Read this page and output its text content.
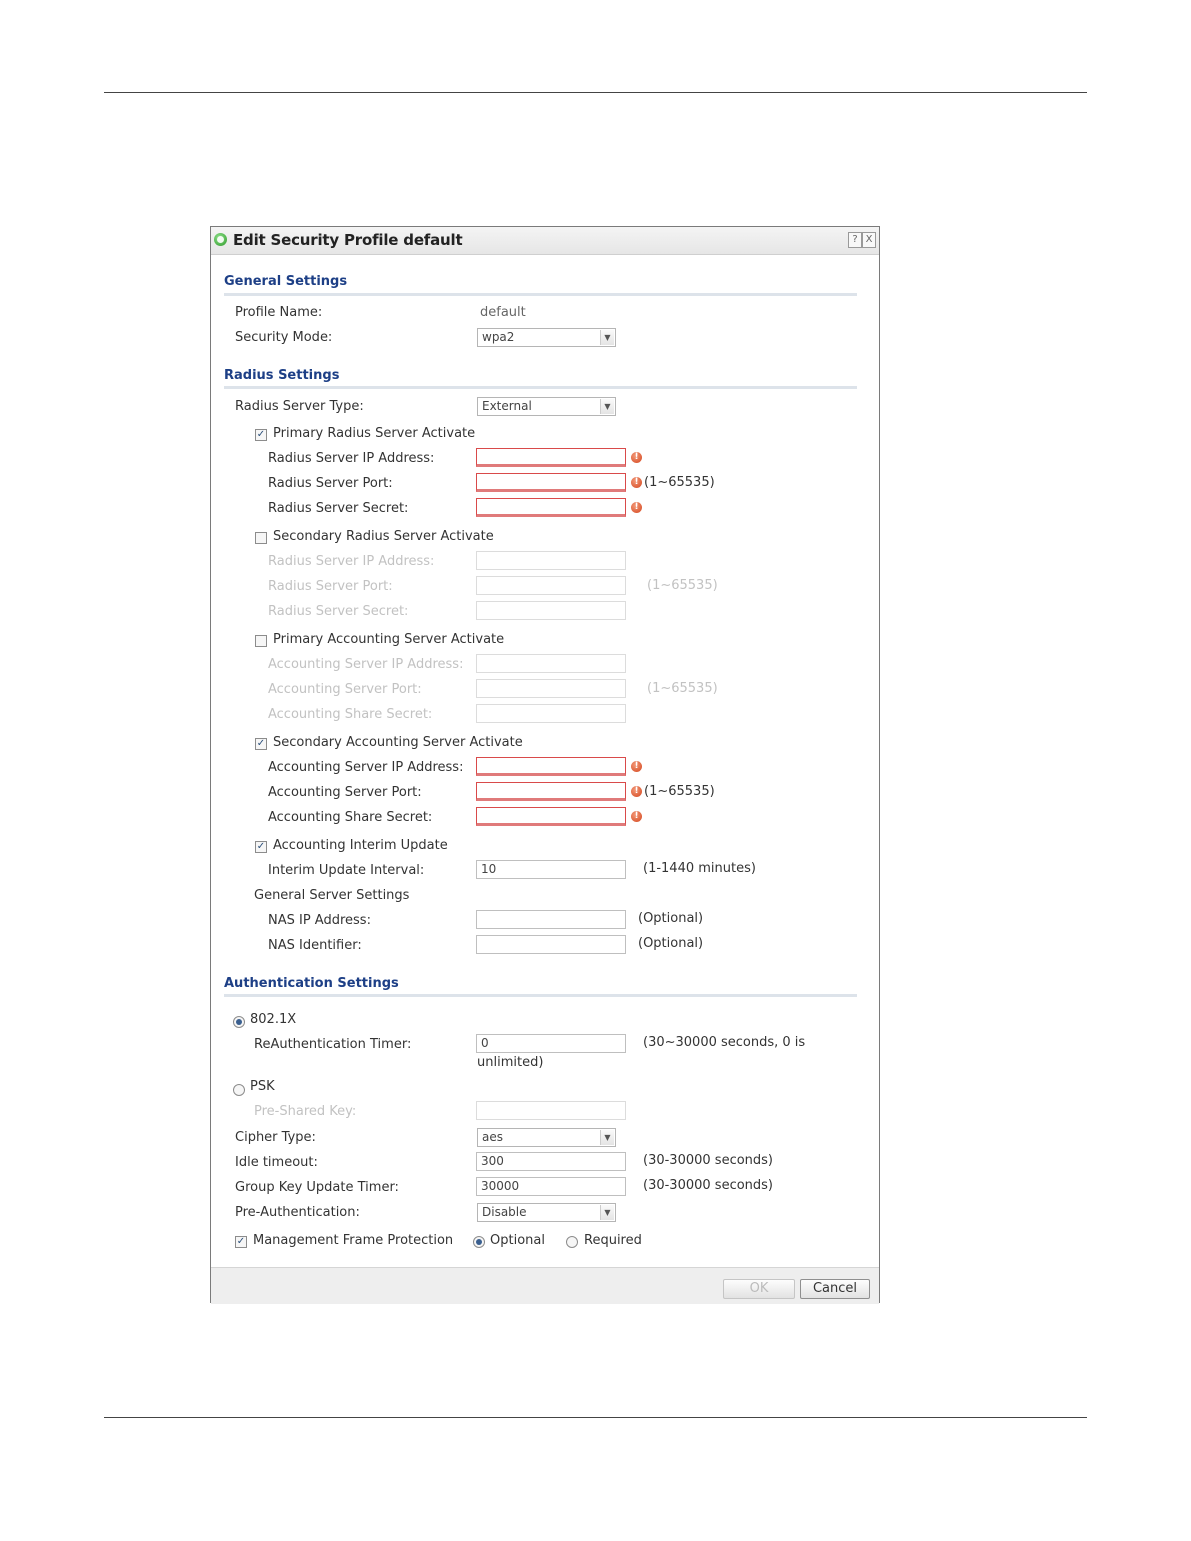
Edit Security Profile default	? X
General Settings
Profile Name:	default
Security Mode:	wpa2	▼
Radius Settings
Radius Server Type:	External	▼
✓ Primary Radius Server Activate
Radius Server IP Address:	!
Radius Server Port:	! (1~65535)
Radius Server Secret:	!
Secondary Radius Server Activate
Radius Server IP Address:
Radius Server Port:	(1~65535)
Radius Server Secret:
Primary Accounting Server Activate
Accounting Server IP Address:
Accounting Server Port:	(1~65535)
Accounting Share Secret:
✓ Secondary Accounting Server Activate
Accounting Server IP Address:	!
Accounting Server Port:	! (1~65535)
Accounting Share Secret:	!
✓ Accounting Interim Update
Interim Update Interval:	10	(1-1440 minutes)
General Server Settings
NAS IP Address:	(Optional)
NAS Identifier:	(Optional)
Authentication Settings
802.1X
ReAuthentication Timer:	0	(30~30000 seconds, 0 is
unlimited)
PSK
Pre-Shared Key:
Cipher Type:	aes	▼
Idle timeout:	300	(30-30000 seconds)
Group Key Update Timer:	30000	(30-30000 seconds)
Pre-Authentication:	Disable	▼
✓ Management Frame Protection	Optional	Required
OK	Cancel
